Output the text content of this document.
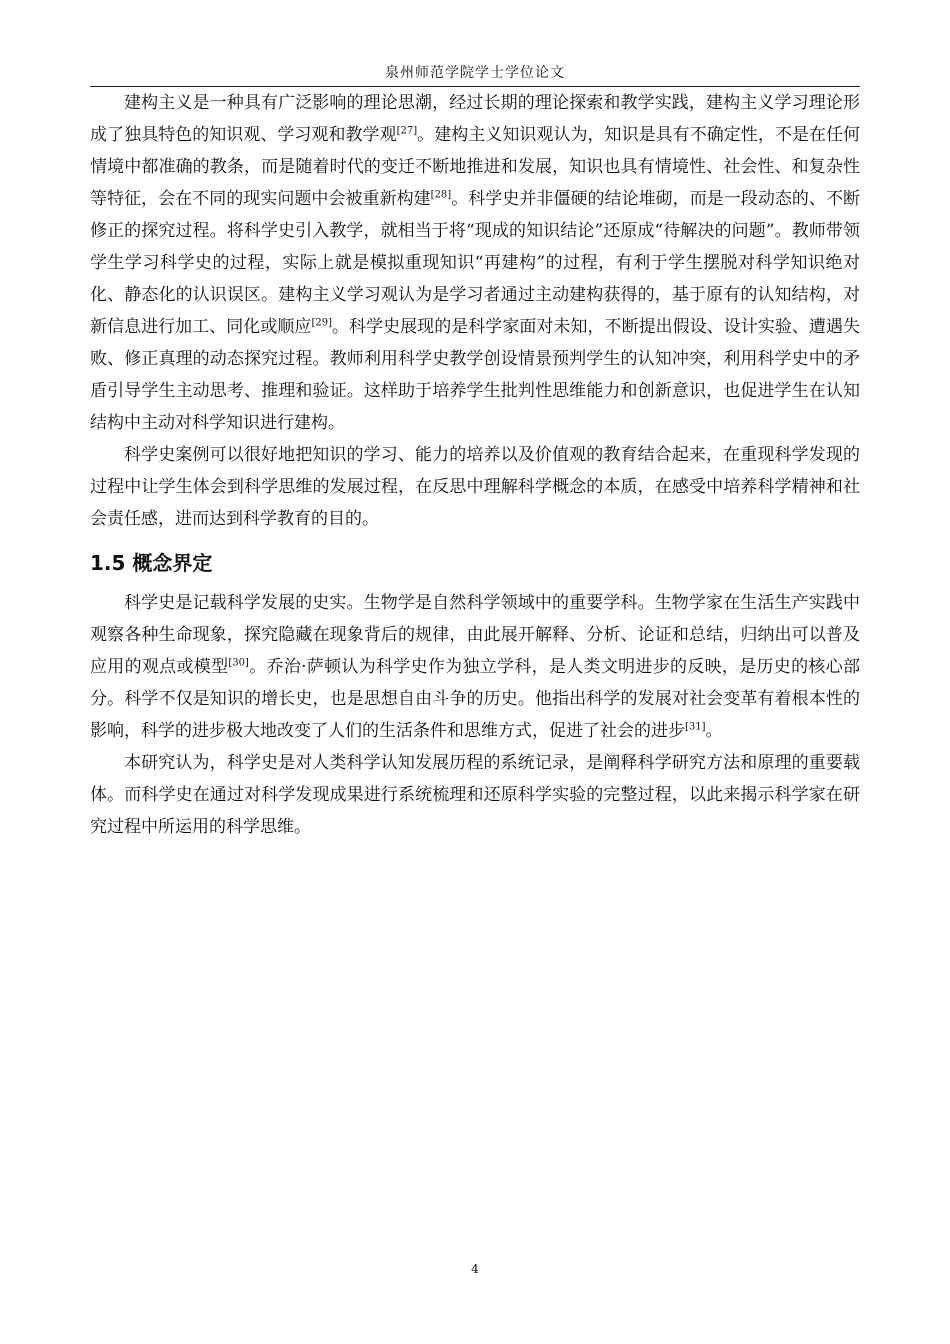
泉州师范学院学士学位论文

建构主义是一种具有广泛影响的理论思潮，经过长期的理论探索和教学实践，建构主义学习理论形成了独具特色的知识观、学习观和教学观[27]。建构主义知识观认为，知识是具有不确定性，不是在任何情境中都准确的教条，而是随着时代的变迁不断地推进和发展，知识也具有情境性、社会性、和复杂性等特征，会在不同的现实问题中会被重新构建[28]。科学史并非僵硬的结论堆砌，而是一段动态的、不断修正的探究过程。将科学史引入教学，就相当于将“现成的知识结论”还原成“待解决的问题”。教师带领学生学习科学史的过程，实际上就是模拟重现知识“再建构”的过程，有利于学生摆脱对科学知识绝对化、静态化的认识误区。建构主义学习观认为是学习者通过主动建构获得的，基于原有的认知结构，对新信息进行加工、同化或顺应[29]。科学史展现的是科学家面对未知，不断提出假设、设计实验、遭遇失败、修正真理的动态探究过程。教师利用科学史教学创设情景预判学生的认知冲突，利用科学史中的矛盾引导学生主动思考、推理和验证。这样助于培养学生批判性思维能力和创新意识，也促进学生在认知结构中主动对科学知识进行建构。

科学史案例可以很好地把知识的学习、能力的培养以及价值观的教育结合起来，在重现科学发现的过程中让学生体会到科学思维的发展过程，在反思中理解科学概念的本质，在感受中培养科学精神和社会责任感，进而达到科学教育的目的。

1.5 概念界定

科学史是记载科学发展的史实。生物学是自然科学领域中的重要学科。生物学家在生活生产实践中观察各种生命现象，探究隐藏在现象背后的规律，由此展开解释、分析、论证和总结，归纳出可以普及应用的观点或模型[30]。乔治·萨顿认为科学史作为独立学科，是人类文明进步的反映，是历史的核心部分。科学不仅是知识的增长史，也是思想自由斗争的历史。他指出科学的发展对社会变革有着根本性的影响，科学的进步极大地改变了人们的生活条件和思维方式，促进了社会的进步[31]。

本研究认为，科学史是对人类科学认知发展历程的系统记录，是阐释科学研究方法和原理的重要载体。而科学史在通过对科学发现成果进行系统梳理和还原科学实验的完整过程，以此来揭示科学家在研究过程中所运用的科学思维。

4
